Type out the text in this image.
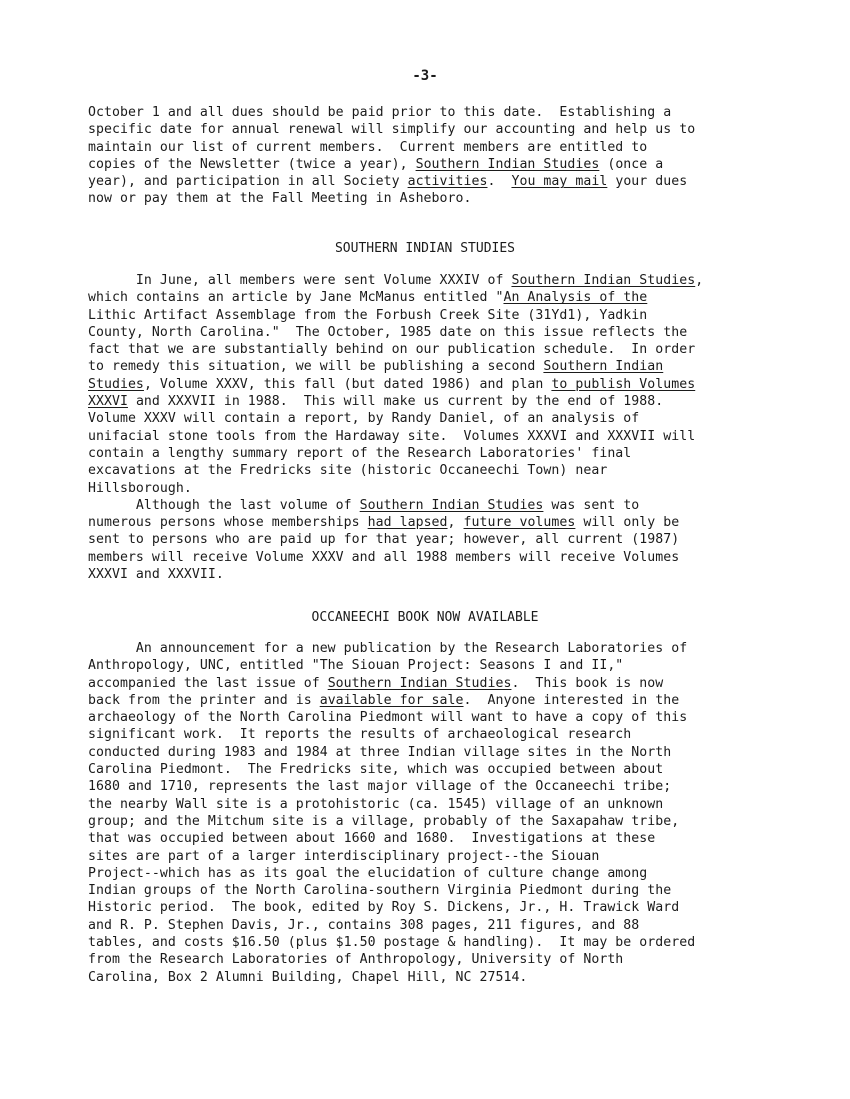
-3-
October 1 and all dues should be paid prior to this date.  Establishing a
specific date for annual renewal will simplify our accounting and help us to
maintain our list of current members.  Current members are entitled to
copies of the Newsletter (twice a year), Southern Indian Studies (once a
year), and participation in all Society activities.  You may mail your dues
now or pay them at the Fall Meeting in Asheboro.
SOUTHERN INDIAN STUDIES
In June, all members were sent Volume XXXIV of Southern Indian Studies,
which contains an article by Jane McManus entitled "An Analysis of the
Lithic Artifact Assemblage from the Forbush Creek Site (31Yd1), Yadkin
County, North Carolina."  The October, 1985 date on this issue reflects the
fact that we are substantially behind on our publication schedule.  In order
to remedy this situation, we will be publishing a second Southern Indian
Studies, Volume XXXV, this fall (but dated 1986) and plan to publish Volumes
XXXVI and XXXVII in 1988.  This will make us current by the end of 1988.
Volume XXXV will contain a report, by Randy Daniel, of an analysis of
unifacial stone tools from the Hardaway site.  Volumes XXXVI and XXXVII will
contain a lengthy summary report of the Research Laboratories' final
excavations at the Fredricks site (historic Occaneechi Town) near
Hillsborough.
Although the last volume of Southern Indian Studies was sent to
numerous persons whose memberships had lapsed, future volumes will only be
sent to persons who are paid up for that year; however, all current (1987)
members will receive Volume XXXV and all 1988 members will receive Volumes
XXXVI and XXXVII.
OCCANEECHI BOOK NOW AVAILABLE
An announcement for a new publication by the Research Laboratories of
Anthropology, UNC, entitled "The Siouan Project: Seasons I and II,"
accompanied the last issue of Southern Indian Studies.  This book is now
back from the printer and is available for sale.  Anyone interested in the
archaeology of the North Carolina Piedmont will want to have a copy of this
significant work.  It reports the results of archaeological research
conducted during 1983 and 1984 at three Indian village sites in the North
Carolina Piedmont.  The Fredricks site, which was occupied between about
1680 and 1710, represents the last major village of the Occaneechi tribe;
the nearby Wall site is a protohistoric (ca. 1545) village of an unknown
group; and the Mitchum site is a village, probably of the Saxapahaw tribe,
that was occupied between about 1660 and 1680.  Investigations at these
sites are part of a larger interdisciplinary project--the Siouan
Project--which has as its goal the elucidation of culture change among
Indian groups of the North Carolina-southern Virginia Piedmont during the
Historic period.  The book, edited by Roy S. Dickens, Jr., H. Trawick Ward
and R. P. Stephen Davis, Jr., contains 308 pages, 211 figures, and 88
tables, and costs $16.50 (plus $1.50 postage & handling).  It may be ordered
from the Research Laboratories of Anthropology, University of North
Carolina, Box 2 Alumni Building, Chapel Hill, NC 27514.
